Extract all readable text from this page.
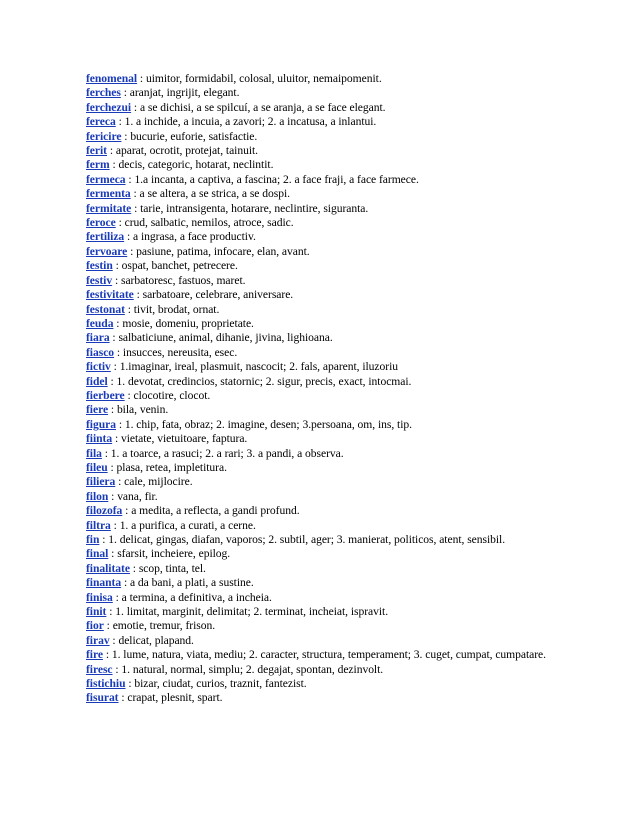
fenomenal : uimitor, formidabil, colosal, uluitor, nemaipomenit.
ferches : aranjat, ingrijit, elegant.
ferchezui : a se dichisi, a se spilcuí, a se aranja, a se face elegant.
fereca : 1. a inchide, a incuia, a zavori; 2. a incatusa, a inlantui.
fericire : bucurie, euforie, satisfactie.
ferit : aparat, ocrotit, protejat, tainuit.
ferm : decis, categoric, hotarat, neclintit.
fermeca : 1.a incanta, a captiva, a fascina; 2. a face fraji, a face farmece.
fermenta : a se altera, a se strica, a se dospi.
fermitate : tarie, intransigenta, hotarare, neclintire, siguranta.
feroce : crud, salbatic, nemilos, atroce, sadic.
fertiliza : a ingrasa, a face productiv.
fervoare : pasiune, patima, infocare, elan, avant.
festin : ospat, banchet, petrecere.
festiv : sarbatoresc, fastuos, maret.
festivitate : sarbatoare, celebrare, aniversare.
festonat : tivit, brodat, ornat.
feuda : mosie, domeniu, proprietate.
fiara : salbaticiune, animal, dihanie, jivina, lighioana.
fiasco : insucces, nereusita, esec.
fictiv : 1.imaginar, ireal, plasmuit, nascocit; 2. fals, aparent, iluzoriu
fidel : 1. devotat, credincios, statornic; 2. sigur, precis, exact, intocmai.
fierbere : clocotire, clocot.
fiere : bila, venin.
figura : 1. chip, fata, obraz; 2. imagine, desen; 3.persoana, om, ins, tip.
fiinta : vietate, vietuitoare, faptura.
fila : 1. a toarce, a rasuci; 2. a rari; 3. a pandi, a observa.
fileu : plasa, retea, impletitura.
filiera : cale, mijlocire.
filon : vana, fir.
filozofa : a medita, a reflecta, a gandi profund.
filtra : 1. a purifica, a curati, a cerne.
fin : 1. delicat, gingas, diafan, vaporos; 2. subtil, ager; 3. manierat, politicos, atent, sensibil.
final : sfarsit, incheiere, epilog.
finalitate : scop, tinta, tel.
finanta : a da bani, a plati, a sustine.
finisa : a termina, a definitiva, a incheia.
finit : 1. limitat, marginit, delimitat; 2. terminat, incheiat, ispravit.
fior : emotie, tremur, frison.
firav : delicat, plapand.
fire : 1. lume, natura, viata, mediu; 2. caracter, structura, temperament; 3. cuget, cumpat, cumpatare.
firesc : 1. natural, normal, simplu; 2. degajat, spontan, dezinvolt.
fistichiu : bizar, ciudat, curios, traznit, fantezist.
fisurat : crapat, plesnit, spart.
